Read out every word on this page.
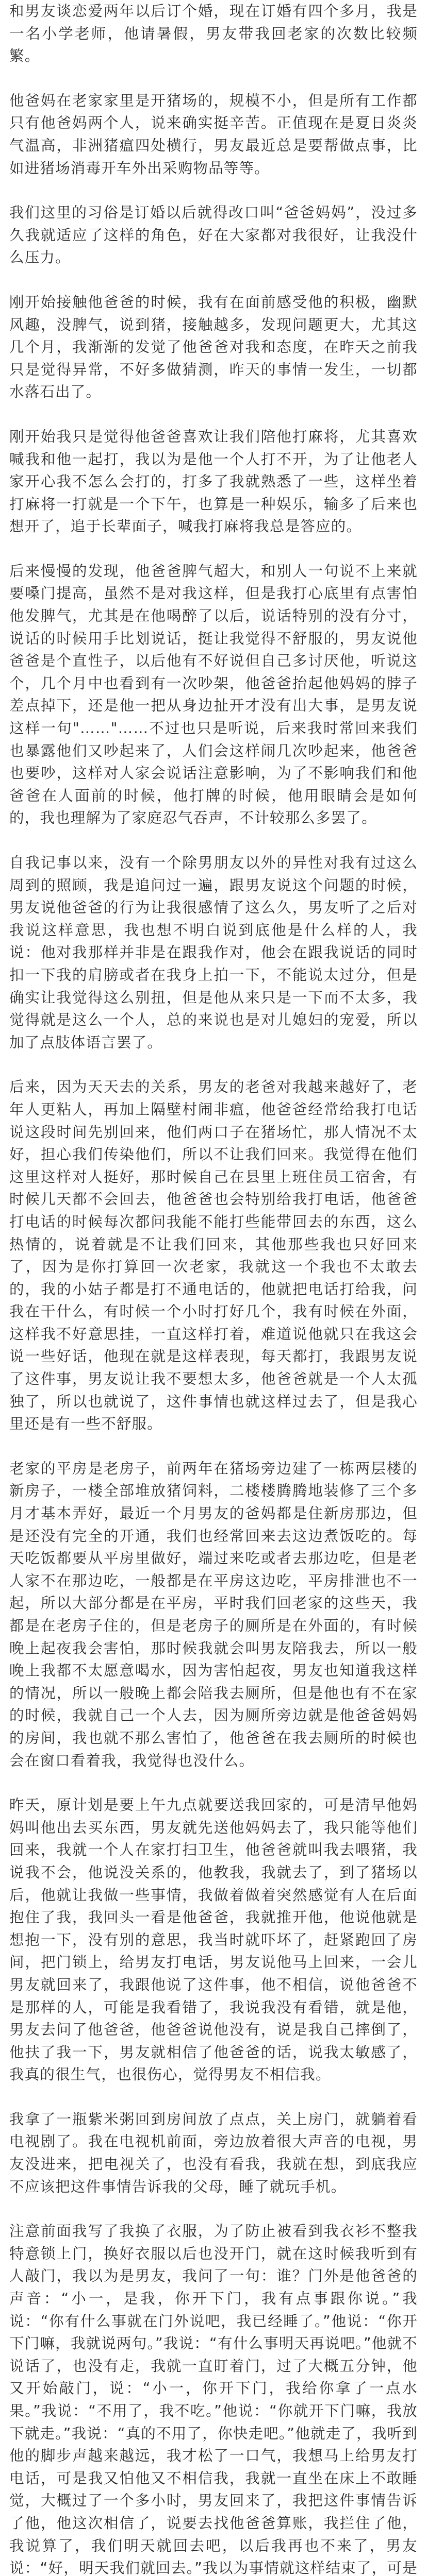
和男友谈恋爱两年以后订个婚，现在订婚有四个多月，我是一名小学老师，他请暑假，男友带我回老家的次数比较频繁。

他爸妈在老家家里是开猪场的，规模不小，但是所有工作都只有他爸妈两个人，说来确实挺辛苦。正值现在是夏日炎炎气温高，非洲猪瘟四处横行，男友最近总是要帮做点事，比如进猪场消毒开车外出采购物品等等。

我们这里的习俗是订婚以后就得改口叫“爸爸妈妈”，没过多久我就适应了这样的角色，好在大家都对我很好，让我没什么压力。

刚开始接触他爸爸的时候，我有在面前感受他的积极，幽默风趣，没脾气，说到猪，接触越多，发现问题更大，尤其这几个月，我渐渐的发觉了他爸爸对我和态度，在昨天之前我只是觉得异常，不好多做猜测，昨天的事情一发生，一切都水落石出了。

刚开始我只是觉得他爸爸喜欢让我们陪他打麻将，尤其喜欢喊我和他一起打，我以为是他一个人打不开，为了让他老人家开心我不怎么会打的，打多了我就熟悉了一些，这样坐着打麻将一打就是一个下午，也算是一种娱乐，输多了后来也想开了，追于长辈面子，喊我打麻将我总是答应的。

后来慢慢的发现，他爸爸脾气超大，和别人一句说不上来就要嗓门提高，虽然不是对我这样，但是我打心底里有点害怕他发脾气，尤其是在他喝醉了以后，说话特别的没有分寸，说话的时候用手比划说话，挺让我觉得不舒服的，男友说他爸爸是个直性子，以后他有不好说但自己多讨厌他，听说这个，几个月中也看到有一次吵架，他爸爸抬起他妈妈的脖子差点掉下，还是他一把从身边扯开才没有出大事，是男友说这样一句"……"……不过也只是听说，后来我时常回来我们也暴露他们又吵起来了，人们会这样闹几次吵起来，他爸爸也要吵，这样对人家会说话注意影响，为了不影响我们和他爸爸在人面前的时候，他打牌的时候，他用眼睛会是如何的，我也理解为了家庭忍气吞声，不计较那么多罢了。

自我记事以来，没有一个除男朋友以外的异性对我有过这么周到的照顾，我是追问过一遍，跟男友说这个问题的时候，男友说他爸爸的行为让我很感情了这么久，男友听了之后对我说这样意思，我也想不明白说到底他是什么样的人，我说：他对我那样并非是在跟我作对，他会在跟我说话的同时扣一下我的肩膀或者在我身上拍一下，不能说太过分，但是确实让我觉得这么别扭，但是他从来只是一下而不太多，我觉得就是这么一个人，总的来说也是对儿媳妇的宠爱，所以加了点肢体语言罢了。

后来，因为天天去的关系，男友的老爸对我越来越好了，老年人更粘人，再加上隔壁村闹非瘟，他爸爸经常给我打电话说这段时间先别回来，他们两口子在猪场忙，那人情况不太好，担心我们传染他们，所以不让我们回来。我觉得在他们这里这样对人挺好，那时候自己在县里上班住员工宿舍，有时候几天都不会回去，他爸爸也会特别给我打电话，他爸爸打电话的时候每次都问我能不能打些能带回去的东西，这么热情的，说着就是不让我们回来，其他那些我也只好回来了，因为是你打算回一次老家，我就这一个我也不太敢去的，我的小姑子都是打不通电话的，他就把电话打给我，问我在干什么，有时候一个小时打好几个，我有时候在外面，这样我不好意思挂，一直这样打着，难道说他就只在我这会说一些好话，他现在就是这样表现，每天都打，我跟男友说了这件事，男友说让我不要想太多，他爸爸就是一个人太孤独了，所以也就说了，这件事情也就这样过去了，但是我心里还是有一些不舒服。

老家的平房是老房子，前两年在猪场旁边建了一栋两层楼的新房子，一楼全部堆放猪饲料，二楼楼腾腾地装修了三个多月才基本弄好，最近一个月男友的爸妈都是住新房那边，但是还没有完全的开通，我们也经常回来去这边煮饭吃的。每天吃饭都要从平房里做好，端过来吃或者去那边吃，但是老人家不在那边吃，一般都是在平房这边吃，平房排泄也不一起，所以大部分都是在平房，平时我们回老家的这些天，我都是在老房子住的，但是老房子的厕所是在外面的，有时候晚上起夜我会害怕，那时候我就会叫男友陪我去，所以一般晚上我都不太愿意喝水，因为害怕起夜，男友也知道我这样的情况，所以一般晚上都会陪我去厕所，但是他也有不在家的时候，我就自己一个人去，因为厕所旁边就是他爸爸妈妈的房间，我也就不那么害怕了，他爸爸在我去厕所的时候也会在窗口看着我，我觉得也没什么。

昨天，原计划是要上午九点就要送我回家的，可是清早他妈妈叫他出去买东西，男友就先送他妈妈去了，我只能等他们回来，我就一个人在家打扫卫生，他爸爸就叫我去喂猪，我说我不会，他说没关系的，他教我，我就去了，到了猪场以后，他就让我做一些事情，我做着做着突然感觉有人在后面抱住了我，我回头一看是他爸爸，我就推开他，他说他就是想抱一下，没有别的意思，我当时就吓坏了，赶紧跑回了房间，把门锁上，给男友打电话，男友说他马上回来，一会儿男友就回来了，我跟他说了这件事，他不相信，说他爸爸不是那样的人，可能是我看错了，我说我没有看错，就是他，男友去问了他爸爸，他爸爸说他没有，说是我自己摔倒了，他扶了我一下，男友就相信了他爸爸的话，说我太敏感了，我真的很生气，也很伤心，觉得男友不相信我。

我拿了一瓶紫米粥回到房间放了点点，关上房门，就躺着看电视剧了。我在电视机前面，旁边放着很大声音的电视，男友没进来，把电视关了，也没有看我，我就在想，到底我应不应该把这件事情告诉我的父母，睡了就玩手机。

注意前面我写了我换了衣服，为了防止被看到我衣衫不整我特意锁上门，换好衣服以后也没开门，就在这时候我听到有人敲门，我以为是男友，我问了一句：谁？门外是他爸爸的声音：“小一，是我，你开下门，我有点事跟你说。”我说：“你有什么事就在门外说吧，我已经睡了。”他说：“你开下门嘛，我就说两句。”我说：“有什么事明天再说吧。”他就不说话了，也没有走，我就一直盯着门，过了大概五分钟，他又开始敲门，说：“小一，你开下门，我给你拿了一点水果。”我说：“不用了，我不吃。”他说：“你就开下门嘛，我放下就走。”我说：“真的不用了，你快走吧。”他就走了，我听到他的脚步声越来越远，我才松了一口气，我想马上给男友打电话，可是我又怕他又不相信我，我就一直坐在床上不敢睡觉，大概过了一个多小时，男友回来了，我把这件事情告诉了他，他这次相信了，说要去找他爸爸算账，我拦住了他，我说算了，我们明天就回去吧，以后我再也不来了，男友说：“好，明天我们就回去。”我以为事情就这样结束了，可是
